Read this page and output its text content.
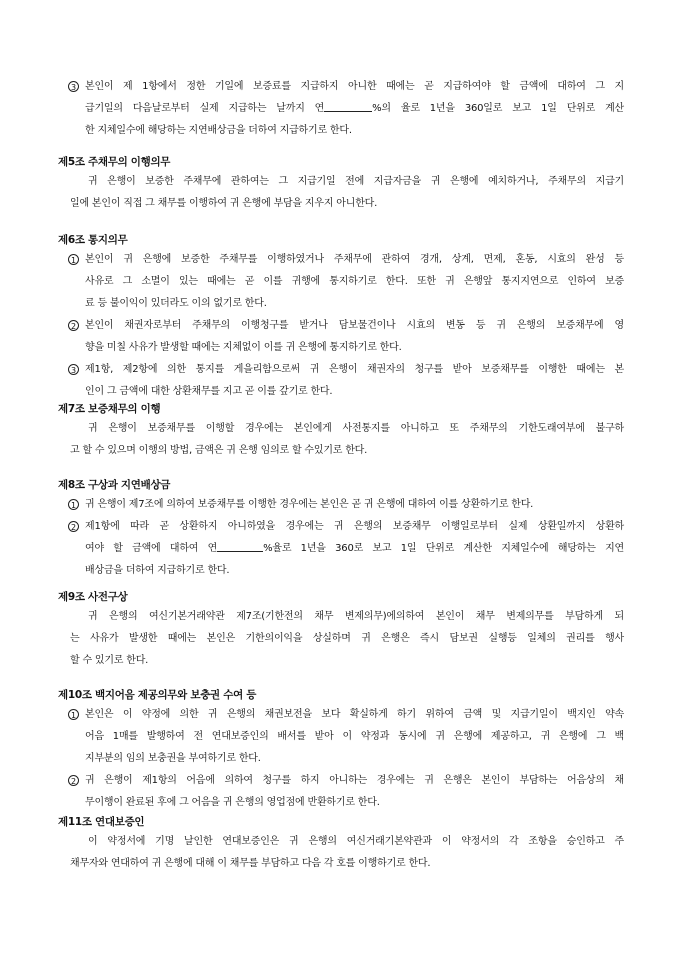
3 본인이 제 1항에서 정한 기일에 보증료를 지급하지 아니한 때에는 곧 지급하여야 할 금액에 대하여 그 지
급기일의 다음날로부터 실제 지급하는 날까지 연	%의 율로 1년을 360일로 보고 1일 단위로 계산
한 지체일수에 해당하는 지연배상금을 더하여 지급하기로 한다.
제5조 주채무의 이행의무
귀 은행이 보증한 주채무에 관하여는 그 지급기일 전에 지급자금을 귀 은행에 예치하거나, 주채무의 지급기
일에 본인이 직접 그 채무를 이행하여 귀 은행에 부담을 지우지 아니한다.
제6조 통지의무
1 본인이 귀 은행에 보증한 주채무를 이행하였거나 주채무에 관하여 경개, 상계, 면제, 혼동, 시효의 완성 등
사유로 그 소멸이 있는 때에는 곧 이를 귀행에 통지하기로 한다. 또한 귀 은행앞 통지지연으로 인하여 보증
료 등 불이익이 있더라도 이의 없기로 한다.
2 본인이 채권자로부터 주채무의 이행청구를 받거나 담보물건이나 시효의 변동 등 귀 은행의 보증채무에 영
향을 미칠 사유가 발생할 때에는 지체없이 이를 귀 은행에 통지하기로 한다.
3 제1항, 제2항에 의한 통지를 게을리함으로써 귀 은행이 채권자의 청구를 받아 보증채무를 이행한 때에는 본
인이 그 금액에 대한 상환채무를 지고 곧 이를 갚기로 한다.
제7조 보증채무의 이행
귀 은행이 보증채무를 이행할 경우에는 본인에게 사전통지를 아니하고 또 주채무의 기한도래여부에 불구하
고 할 수 있으며 이행의 방법, 금액은 귀 은행 임의로 할 수있기로 한다.
제8조 구상과 지연배상금
1 귀 은행이 제7조에 의하여 보증채무를 이행한 경우에는 본인은 곧 귀 은행에 대하여 이를 상환하기로 한다.
2 제1항에 따라 곧 상환하지 아니하였을 경우에는 귀 은행의 보증채무 이행일로부터 실제 상환일까지 상환하
여야 할 금액에 대하여 연	%율로 1년을 360로 보고 1일 단위로 계산한 지체일수에 해당하는 지연
배상금을 더하여 지급하기로 한다.
제9조 사전구상
귀 은행의 여신기본거래약관 제7조(기한전의 채무 변제의무)에의하여 본인이 채무 변제의무를 부담하게 되
는 사유가 발생한 때에는 본인은 기한의이익을 상실하며 귀 은행은 즉시 담보권 실행등 일체의 권리를 행사
할 수 있기로 한다.
제10조 백지어음 제공의무와 보충권 수여 등
1 본인은 이 약정에 의한 귀 은행의 채권보전을 보다 확실하게 하기 위하여 금액 및 지급기일이 백지인 약속
어음 1매를 발행하여 전 연대보증인의 배서를 받아 이 약정과 동시에 귀 은행에 제공하고, 귀 은행에 그 백
지부분의 임의 보충권을 부여하기로 한다.
2 귀 은행이 제1항의 어음에 의하여 청구를 하지 아니하는 경우에는 귀 은행은 본인이 부담하는 어음상의 채
무이행이 완료된 후에 그 어음을 귀 은행의 영업점에 반환하기로 한다.
제11조 연대보증인
이 약정서에 기명 날인한 연대보증인은 귀 은행의 여신거래기본약관과 이 약정서의 각 조항을 승인하고 주
채무자와 연대하여 귀 은행에 대해 이 채무를 부담하고 다음 각 호를 이행하기로 한다.
